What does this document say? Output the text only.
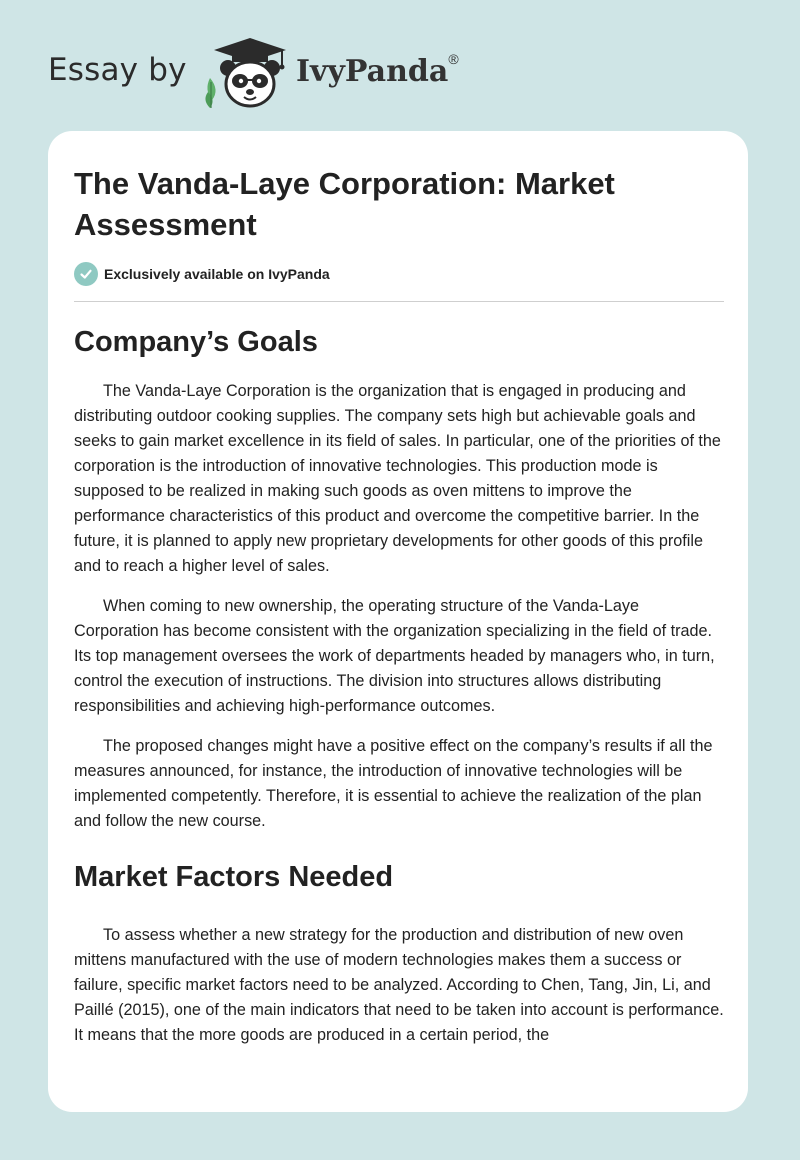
Essay by	IvyPanda®
The Vanda-Laye Corporation: Market Assessment
Exclusively available on IvyPanda
Company’s Goals

The Vanda-Laye Corporation is the organization that is engaged in producing and distributing outdoor cooking supplies. The company sets high but achievable goals and seeks to gain market excellence in its field of sales. In particular, one of the priorities of the corporation is the introduction of innovative technologies. This production mode is supposed to be realized in making such goods as oven mittens to improve the performance characteristics of this product and overcome the competitive barrier. In the future, it is planned to apply new proprietary developments for other goods of this profile and to reach a higher level of sales.

When coming to new ownership, the operating structure of the Vanda-Laye Corporation has become consistent with the organization specializing in the field of trade. Its top management oversees the work of departments headed by managers who, in turn, control the execution of instructions. The division into structures allows distributing responsibilities and achieving high-performance outcomes.

The proposed changes might have a positive effect on the company’s results if all the measures announced, for instance, the introduction of innovative technologies will be implemented competently. Therefore, it is essential to achieve the realization of the plan and follow the new course.

Market Factors Needed

To assess whether a new strategy for the production and distribution of new oven mittens manufactured with the use of modern technologies makes them a success or failure, specific market factors need to be analyzed. According to Chen, Tang, Jin, Li, and Paillé (2015), one of the main indicators that need to be taken into account is performance. It means that the more goods are produced in a certain period, the
